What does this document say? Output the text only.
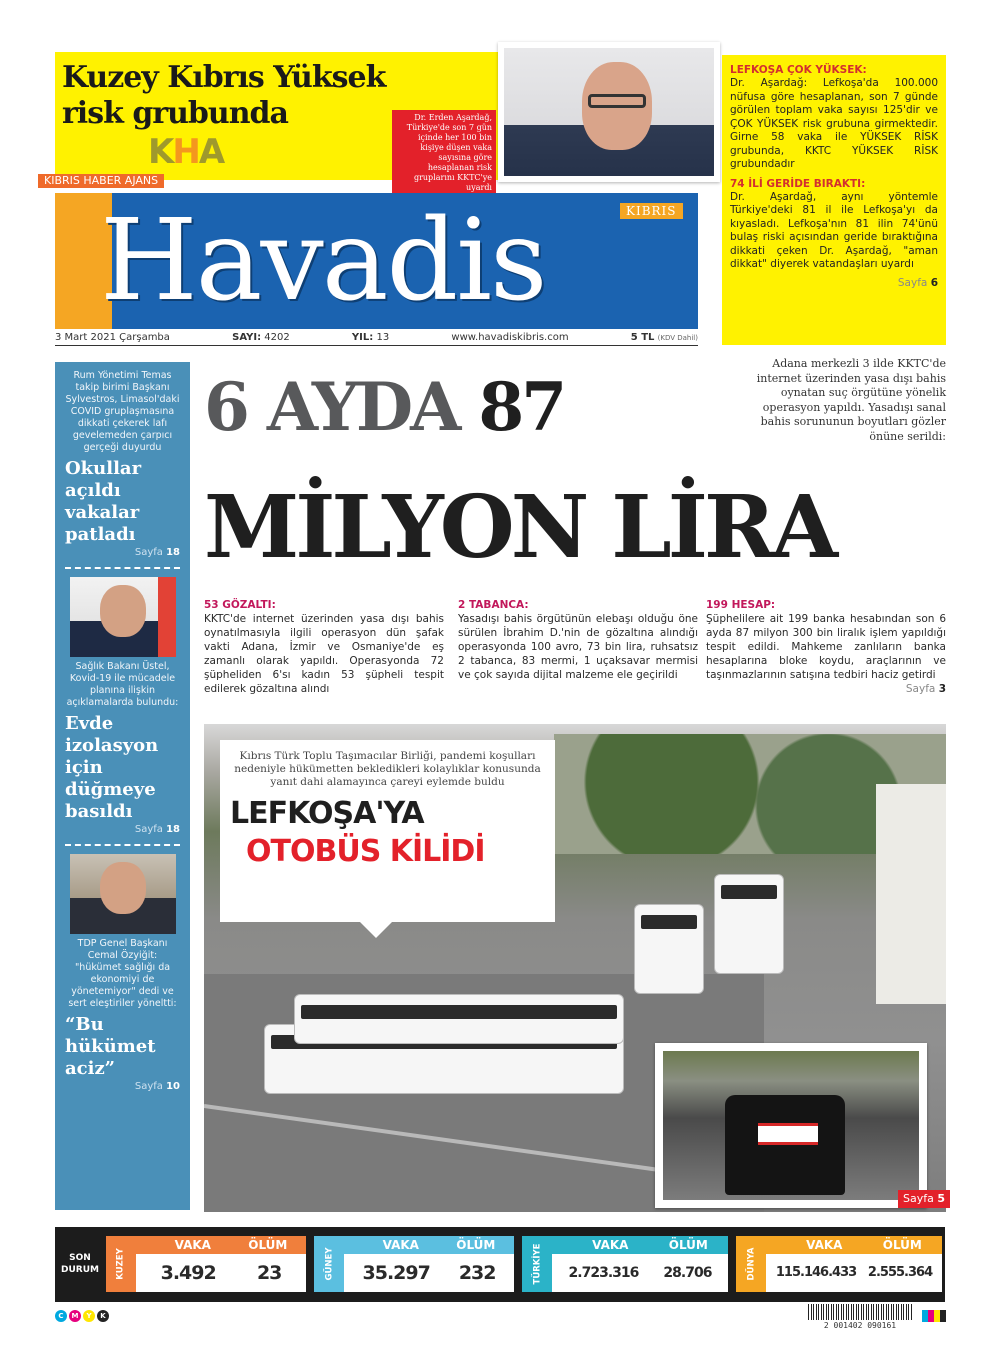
Kuzey Kıbrıs Yüksek risk grubunda	Dr. Erden Aşardağ, Türkiye'de son 7 gün içinde her 100 bin kişiye düşen vaka sayısına göre hesaplanan risk gruplarını KKTC'ye uyardı
KHA
KIBRIS HABER AJANS
LEFKOŞA ÇOK YÜKSEK:

Dr. Aşardağ: Lefkoşa'da 100.000 nüfusa göre hesaplanan, son 7 günde görülen toplam vaka sayısı 125'dir ve ÇOK YÜKSEK risk grubuna girmektedir. Girne 58 vaka ile YÜKSEK RİSK grubunda, KKTC YÜKSEK RİSK grubundadır

74 İLİ GERİDE BIRAKTI:

Dr. Aşardağ, aynı yöntemle Türkiye'deki 81 il ile Lefkoşa'yı da kıyasladı. Lefkoşa'nın 81 ilin 74'ünü bulaş riski açısından geride bıraktığına dikkati çeken Dr. Aşardağ, "aman dikkat" diyerek vatandaşları uyardı

Sayfa 6
Havadis	KIBRIS
3 Mart 2021 Çarşamba	SAYI: 4202	YIL: 13	www.havadiskibris.com	5 TL (KDV Dahil)
Rum Yönetimi Temas takip birimi Başkanı Sylvestros, Limasol'daki COVID gruplaşmasına dikkati çekerek lafı gevelemeden çarpıcı gerçeği duyurdu
Okullar açıldı vakalar patladı
Sayfa 18
Sağlık Bakanı Üstel, Kovid-19 ile mücadele planına ilişkin açıklamalarda bulundu:
Evde izolasyon için düğmeye basıldı
Sayfa 18
TDP Genel Başkanı Cemal Özyiğit: "hükümet sağlığı da ekonomiyi de yönetemiyor" dedi ve sert eleştiriler yöneltti:
“Bu hükümet aciz”
Sayfa 10
6 AYDA 87
MİLYON LİRA
Adana merkezli 3 ilde KKTC'de internet üzerinden yasa dışı bahis oynatan suç örgütüne yönelik operasyon yapıldı. Yasadışı sanal bahis sorununun boyutları gözler önüne serildi:
53 GÖZALTI:
KKTC'de internet üzerinden yasa dışı bahis oynatılmasıyla ilgili operasyon dün şafak vakti Adana, İzmir ve Osmaniye'de eş zamanlı olarak yapıldı. Operasyonda 72 şüpheliden 6'sı kadın 53 şüpheli tespit edilerek gözaltına alındı
2 TABANCA:
Yasadışı bahis örgütünün elebaşı olduğu öne sürülen İbrahim D.'nin de gözaltına alındığı operasyonda 100 avro, 73 bin lira, ruhsatsız 2 tabanca, 83 mermi, 1 uçaksavar mermisi ve çok sayıda dijital malzeme ele geçirildi
199 HESAP:
Şüphelilere ait 199 banka hesabından son 6 ayda 87 milyon 300 bin liralık işlem yapıldığı tespit edildi. Mahkeme zanlıların banka hesaplarına bloke koydu, araçlarının ve taşınmazlarının satışına tedbiri haciz getirdi
Sayfa 3
Kıbrıs Türk Toplu Taşımacılar Birliği, pandemi koşulları nedeniyle hükümetten bekledikleri kolaylıklar konusunda yanıt dahi alamayınca çareyi eylemde buldu
LEFKOŞA'YA
OTOBÜS KİLİDİ
Sayfa 5
SON
DURUM
VAKA	ÖLÜM
KUZEY 3.492 23
VAKA	ÖLÜM
GÜNEY 35.297 232
VAKA	ÖLÜM
TÜRKİYE 2.723.316 28.706
VAKA	ÖLÜM
DÜNYA 115.146.433 2.555.364
C	M	Y	K
2 001402 090161
